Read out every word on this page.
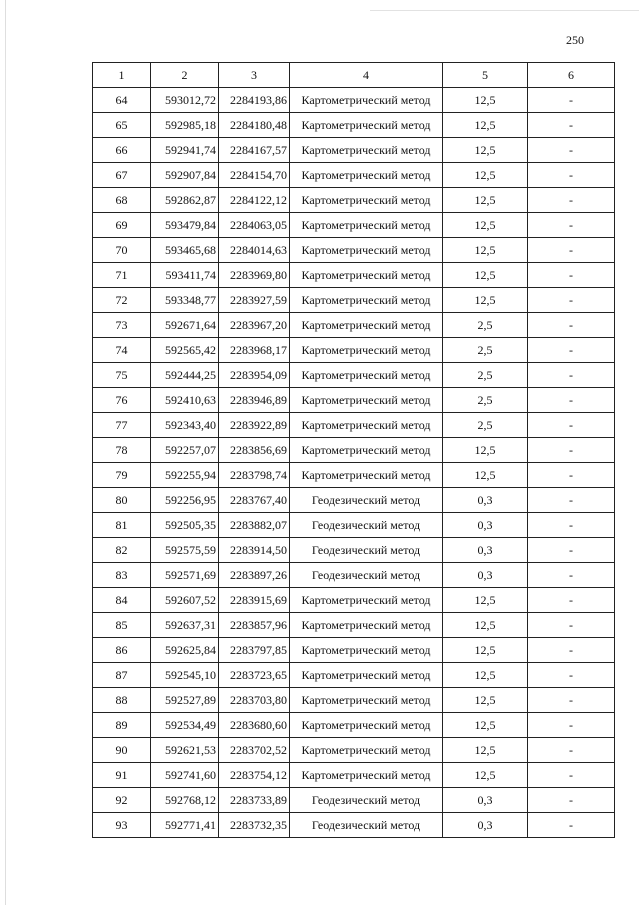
250
1	2	3	4	5	6
64	593012,72	2284193,86	Картометрический метод	12,5	-
65	592985,18	2284180,48	Картометрический метод	12,5	-
66	592941,74	2284167,57	Картометрический метод	12,5	-
67	592907,84	2284154,70	Картометрический метод	12,5	-
68	592862,87	2284122,12	Картометрический метод	12,5	-
69	593479,84	2284063,05	Картометрический метод	12,5	-
70	593465,68	2284014,63	Картометрический метод	12,5	-
71	593411,74	2283969,80	Картометрический метод	12,5	-
72	593348,77	2283927,59	Картометрический метод	12,5	-
73	592671,64	2283967,20	Картометрический метод	2,5	-
74	592565,42	2283968,17	Картометрический метод	2,5	-
75	592444,25	2283954,09	Картометрический метод	2,5	-
76	592410,63	2283946,89	Картометрический метод	2,5	-
77	592343,40	2283922,89	Картометрический метод	2,5	-
78	592257,07	2283856,69	Картометрический метод	12,5	-
79	592255,94	2283798,74	Картометрический метод	12,5	-
80	592256,95	2283767,40	Геодезический метод	0,3	-
81	592505,35	2283882,07	Геодезический метод	0,3	-
82	592575,59	2283914,50	Геодезический метод	0,3	-
83	592571,69	2283897,26	Геодезический метод	0,3	-
84	592607,52	2283915,69	Картометрический метод	12,5	-
85	592637,31	2283857,96	Картометрический метод	12,5	-
86	592625,84	2283797,85	Картометрический метод	12,5	-
87	592545,10	2283723,65	Картометрический метод	12,5	-
88	592527,89	2283703,80	Картометрический метод	12,5	-
89	592534,49	2283680,60	Картометрический метод	12,5	-
90	592621,53	2283702,52	Картометрический метод	12,5	-
91	592741,60	2283754,12	Картометрический метод	12,5	-
92	592768,12	2283733,89	Геодезический метод	0,3	-
93	592771,41	2283732,35	Геодезический метод	0,3	-
